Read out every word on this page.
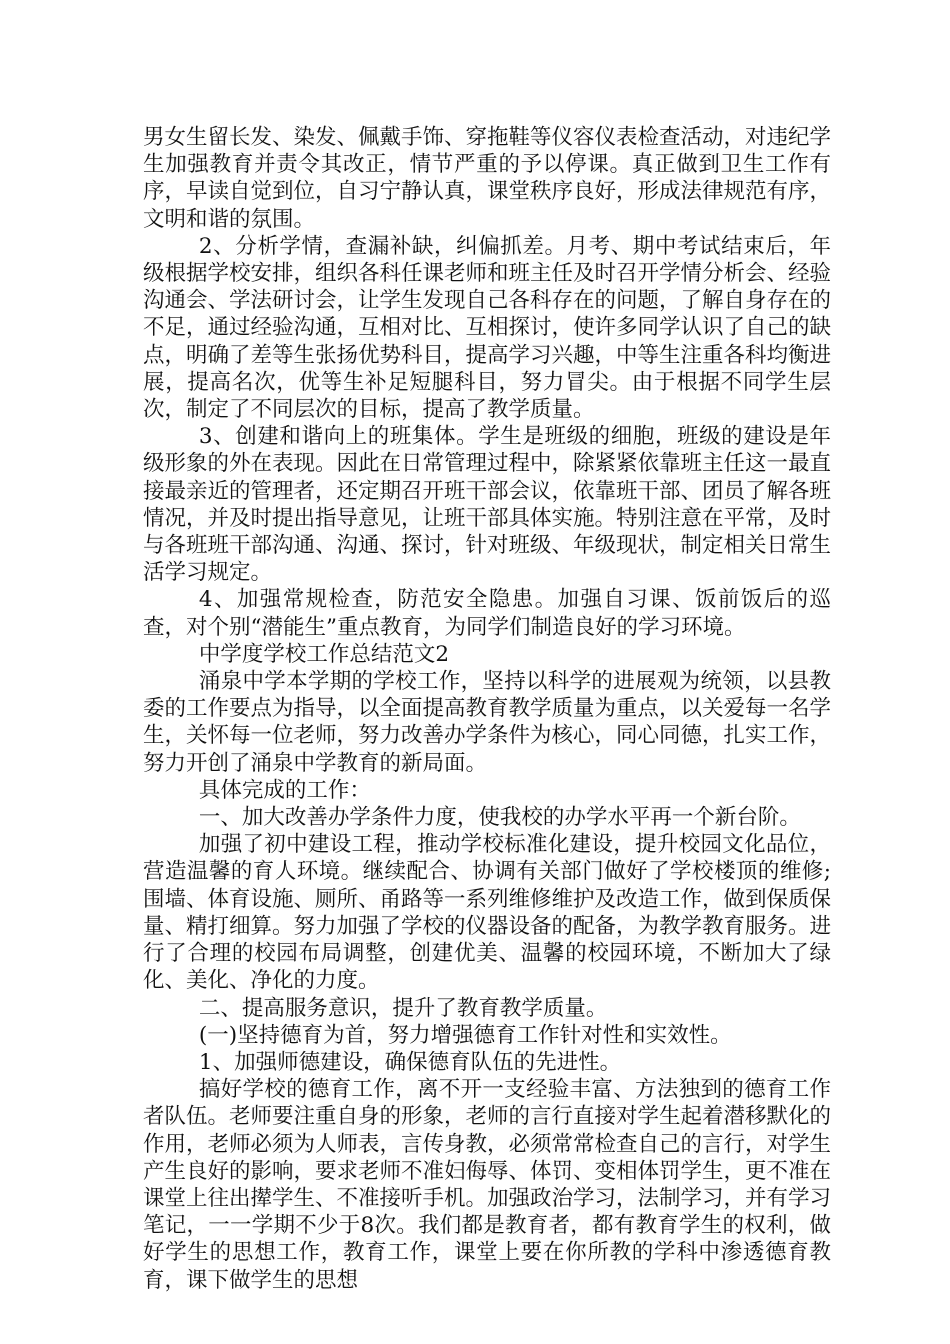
男女生留长发、染发、佩戴手饰、穿拖鞋等仪容仪表检查活动，对违纪学生加强教育并责令其改正，情节严重的予以停课。真正做到卫生工作有序，早读自觉到位，自习宁静认真，课堂秩序良好，形成法律规范有序，文明和谐的氛围。

2、分析学情，查漏补缺，纠偏抓差。月考、期中考试结束后，年级根据学校安排，组织各科任课老师和班主任及时召开学情分析会、经验沟通会、学法研讨会，让学生发现自己各科存在的问题，了解自身存在的不足，通过经验沟通，互相对比、互相探讨，使许多同学认识了自己的缺点，明确了差等生张扬优势科目，提高学习兴趣，中等生注重各科均衡进展，提高名次，优等生补足短腿科目，努力冒尖。由于根据不同学生层次，制定了不同层次的目标，提高了教学质量。

3、创建和谐向上的班集体。学生是班级的细胞，班级的建设是年级形象的外在表现。因此在日常管理过程中，除紧紧依靠班主任这一最直接最亲近的管理者，还定期召开班干部会议，依靠班干部、团员了解各班情况，并及时提出指导意见，让班干部具体实施。特别注意在平常，及时与各班班干部沟通、沟通、探讨，针对班级、年级现状，制定相关日常生活学习规定。

4、加强常规检查，防范安全隐患。加强自习课、饭前饭后的巡查，对个别“潜能生”重点教育，为同学们制造良好的学习环境。

中学度学校工作总结范文2

涌泉中学本学期的学校工作，坚持以科学的进展观为统领，以县教委的工作要点为指导，以全面提高教育教学质量为重点，以关爱每一名学生，关怀每一位老师，努力改善办学条件为核心，同心同德，扎实工作，努力开创了涌泉中学教育的新局面。

具体完成的工作：

一、加大改善办学条件力度，使我校的办学水平再一个新台阶。

加强了初中建设工程，推动学校标准化建设，提升校园文化品位，营造温馨的育人环境。继续配合、协调有关部门做好了学校楼顶的维修;围墙、体育设施、厕所、甬路等一系列维修维护及改造工作，做到保质保量、精打细算。努力加强了学校的仪器设备的配备，为教学教育服务。进行了合理的校园布局调整，创建优美、温馨的校园环境，不断加大了绿化、美化、净化的力度。

二、提高服务意识，提升了教育教学质量。

(一)坚持德育为首，努力增强德育工作针对性和实效性。

1、加强师德建设，确保德育队伍的先进性。

搞好学校的德育工作，离不开一支经验丰富、方法独到的德育工作者队伍。老师要注重自身的形象，老师的言行直接对学生起着潜移默化的作用，老师必须为人师表，言传身教，必须常常检查自己的言行，对学生产生良好的影响，要求老师不准妇侮辱、体罚、变相体罚学生，更不准在课堂上往出撵学生、不准接听手机。加强政治学习，法制学习，并有学习笔记，一一学期不少于8次。我们都是教育者，都有教育学生的权利，做好学生的思想工作，教育工作，课堂上要在你所教的学科中渗透德育教育，课下做学生的思想
